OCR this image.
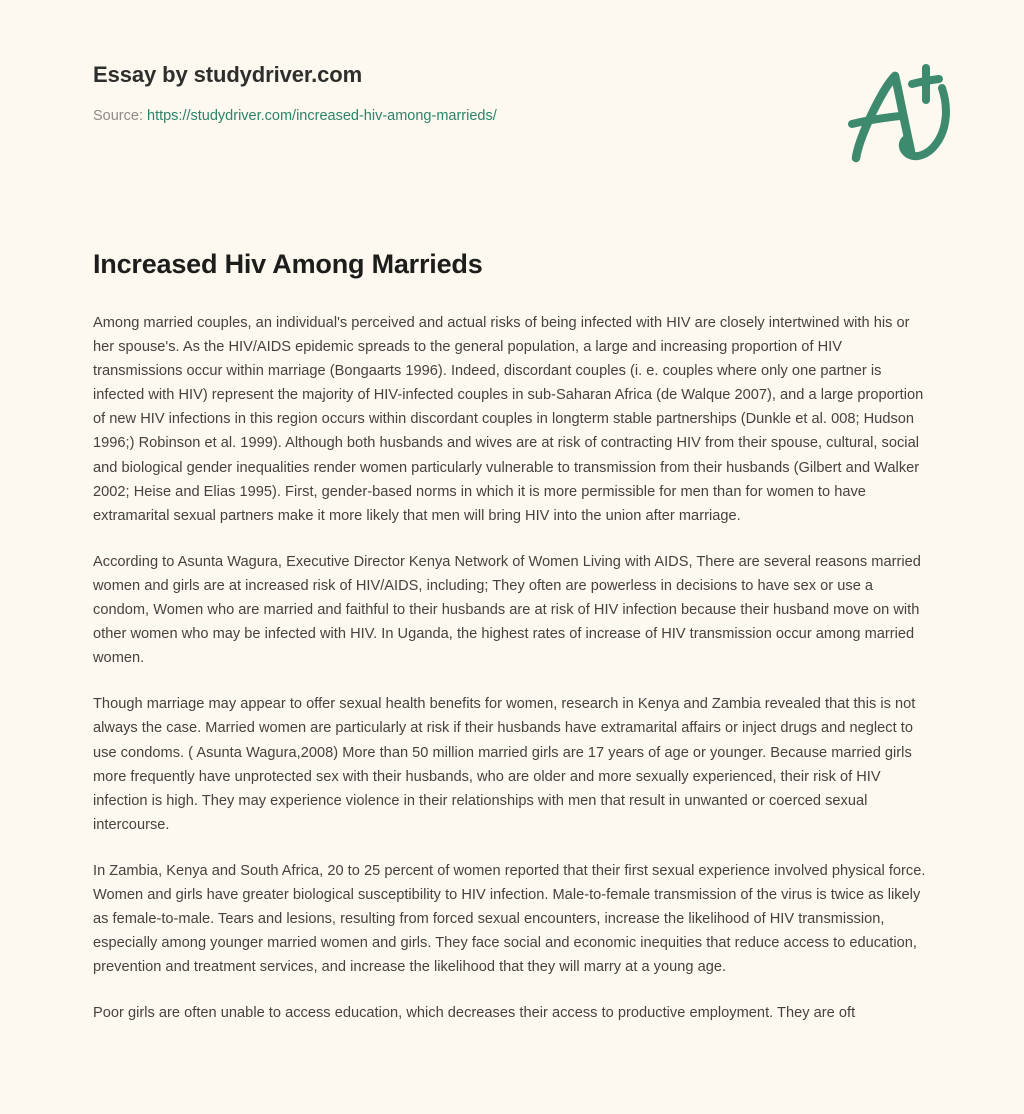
Essay by studydriver.com
Source: https://studydriver.com/increased-hiv-among-marrieds/
Increased Hiv Among Marrieds

Among married couples, an individual's perceived and actual risks of being infected with HIV are closely intertwined with his or her spouse's. As the HIV/AIDS epidemic spreads to the general population, a large and increasing proportion of HIV transmissions occur within marriage (Bongaarts 1996). Indeed, discordant couples (i. e. couples where only one partner is infected with HIV) represent the majority of HIV-infected couples in sub-Saharan Africa (de Walque 2007), and a large proportion of new HIV infections in this region occurs within discordant couples in longterm stable partnerships (Dunkle et al. 008; Hudson 1996;) Robinson et al. 1999). Although both husbands and wives are at risk of contracting HIV from their spouse, cultural, social and biological gender inequalities render women particularly vulnerable to transmission from their husbands (Gilbert and Walker 2002; Heise and Elias 1995). First, gender-based norms in which it is more permissible for men than for women to have extramarital sexual partners make it more likely that men will bring HIV into the union after marriage.

According to Asunta Wagura, Executive Director Kenya Network of Women Living with AIDS, There are several reasons married women and girls are at increased risk of HIV/AIDS, including; They often are powerless in decisions to have sex or use a condom, Women who are married and faithful to their husbands are at risk of HIV infection because their husband move on with other women who may be infected with HIV. In Uganda, the highest rates of increase of HIV transmission occur among married women.

Though marriage may appear to offer sexual health benefits for women, research in Kenya and Zambia revealed that this is not always the case. Married women are particularly at risk if their husbands have extramarital affairs or inject drugs and neglect to use condoms. ( Asunta Wagura,2008) More than 50 million married girls are 17 years of age or younger. Because married girls more frequently have unprotected sex with their husbands, who are older and more sexually experienced, their risk of HIV infection is high. They may experience violence in their relationships with men that result in unwanted or coerced sexual intercourse.

In Zambia, Kenya and South Africa, 20 to 25 percent of women reported that their first sexual experience involved physical force. Women and girls have greater biological susceptibility to HIV infection. Male-to-female transmission of the virus is twice as likely as female-to-male. Tears and lesions, resulting from forced sexual encounters, increase the likelihood of HIV transmission, especially among younger married women and girls. They face social and economic inequities that reduce access to education, prevention and treatment services, and increase the likelihood that they will marry at a young age.

Poor girls are often unable to access education, which decreases their access to productive employment. They are oft
